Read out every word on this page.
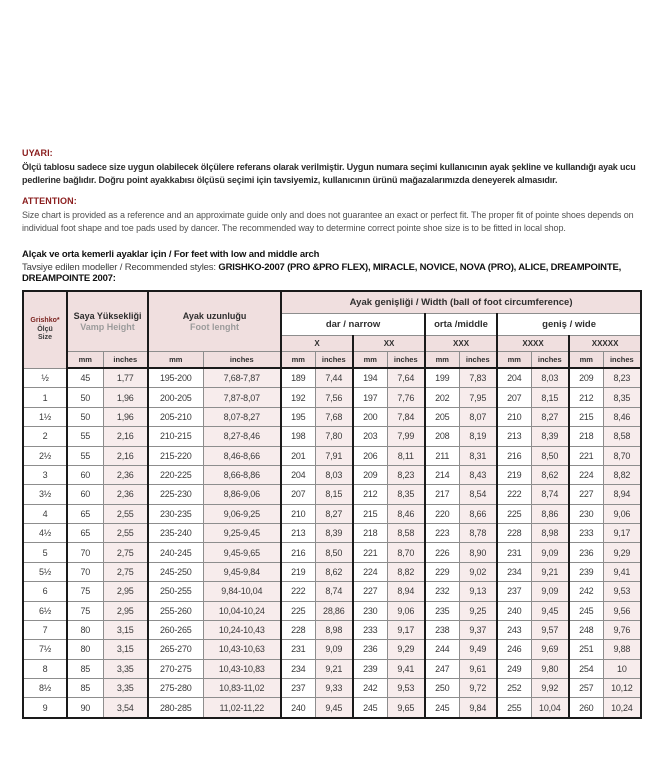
UYARI:
Ölçü tablosu sadece size uygun olabilecek ölçülere referans olarak verilmiştir. Uygun numara seçimi kullanıcının ayak şekline ve kullandığı ayak ucu pedlerine bağlıdır. Doğru point ayakkabısı ölçüsü seçimi için tavsiyemiz, kullanıcının ürünü mağazalarımızda deneyerek almasıdır.
ATTENTION:
Size chart is provided as a reference and an approximate guide only and does not guarantee an exact or perfect fit. The proper fit of pointe shoes depends on individual foot shape and toe pads used by dancer. The recommended way to determine correct pointe shoe size is to be fitted in local shop.
Alçak ve orta kemerli ayaklar için / For feet with low and middle arch
Tavsiye edilen modeller / Recommended styles: GRISHKO-2007 (PRO &PRO FLEX), MIRACLE, NOVICE, NOVA (PRO), ALICE, DREAMPOINTE, DREAMPOINTE 2007:
Grishko*
Ölçü
Size	Saya Yüksekliği
Vamp Height		Ayak uzunluğu
Foot lenght		Ayak genişliği / Width (ball of foot circumference)									
					dar / narrow				orta /middle		geniş / wide			
					X		XX		XXX		XXXX		XXXXX	
	mm	inches	mm	inches	mm	inches	mm	inches	mm	inches	mm	inches	mm	inches
½	45	1,77	195-200	7,68-7,87	189	7,44	194	7,64	199	7,83	204	8,03	209	8,23
1	50	1,96	200-205	7,87-8,07	192	7,56	197	7,76	202	7,95	207	8,15	212	8,35
1½	50	1,96	205-210	8,07-8,27	195	7,68	200	7,84	205	8,07	210	8,27	215	8,46
2	55	2,16	210-215	8,27-8,46	198	7,80	203	7,99	208	8,19	213	8,39	218	8,58
2½	55	2,16	215-220	8,46-8,66	201	7,91	206	8,11	211	8,31	216	8,50	221	8,70
3	60	2,36	220-225	8,66-8,86	204	8,03	209	8,23	214	8,43	219	8,62	224	8,82
3½	60	2,36	225-230	8,86-9,06	207	8,15	212	8,35	217	8,54	222	8,74	227	8,94
4	65	2,55	230-235	9,06-9,25	210	8,27	215	8,46	220	8,66	225	8,86	230	9,06
4½	65	2,55	235-240	9,25-9,45	213	8,39	218	8,58	223	8,78	228	8,98	233	9,17
5	70	2,75	240-245	9,45-9,65	216	8,50	221	8,70	226	8,90	231	9,09	236	9,29
5½	70	2,75	245-250	9,45-9,84	219	8,62	224	8,82	229	9,02	234	9,21	239	9,41
6	75	2,95	250-255	9,84-10,04	222	8,74	227	8,94	232	9,13	237	9,09	242	9,53
6½	75	2,95	255-260	10,04-10,24	225	28,86	230	9,06	235	9,25	240	9,45	245	9,56
7	80	3,15	260-265	10,24-10,43	228	8,98	233	9,17	238	9,37	243	9,57	248	9,76
7½	80	3,15	265-270	10,43-10,63	231	9,09	236	9,29	244	9,49	246	9,69	251	9,88
8	85	3,35	270-275	10,43-10,83	234	9,21	239	9,41	247	9,61	249	9,80	254	10
8½	85	3,35	275-280	10,83-11,02	237	9,33	242	9,53	250	9,72	252	9,92	257	10,12
9	90	3,54	280-285	11,02-11,22	240	9,45	245	9,65	245	9,84	255	10,04	260	10,24
